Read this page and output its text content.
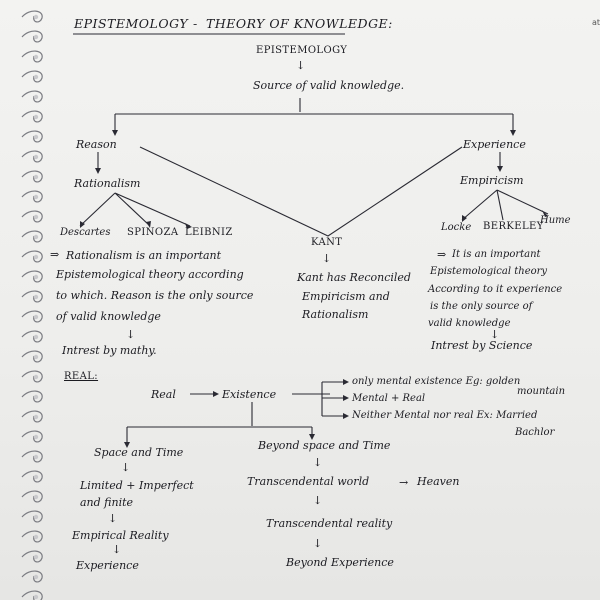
at
EPISTEMOLOGY - THEORY OF KNOWLEDGE:
EPISTEMOLOGY
↓
Source of valid knowledge.
Reason
Rationalism
Descartes SPINOZA LEIBNIZ
⇒ Rationalism is an important
Epistemological theory according
to which. Reason is the only source
of valid knowledge
↓
Intrest by mathy.
KANT
↓
Kant has Reconciled
Empiricism and
Rationalism
Experience
Empiricism
Locke BERKELEY
Hume
⇒ It is an important
Epistemological theory
According to it experience
is the only source of
valid knowledge
↓
Intrest by Science
REAL:
Real	Existence
only mental existence Eg: golden
mountain
Mental + Real
Neither Mental nor real Ex: Married
Bachlor
Space and Time
↓
Limited + Imperfect
and finite
↓
Empirical Reality
↓
Experience
Beyond space and Time
↓
Transcendental world	→ Heaven
↓
Transcendental reality
↓
Beyond Experience
